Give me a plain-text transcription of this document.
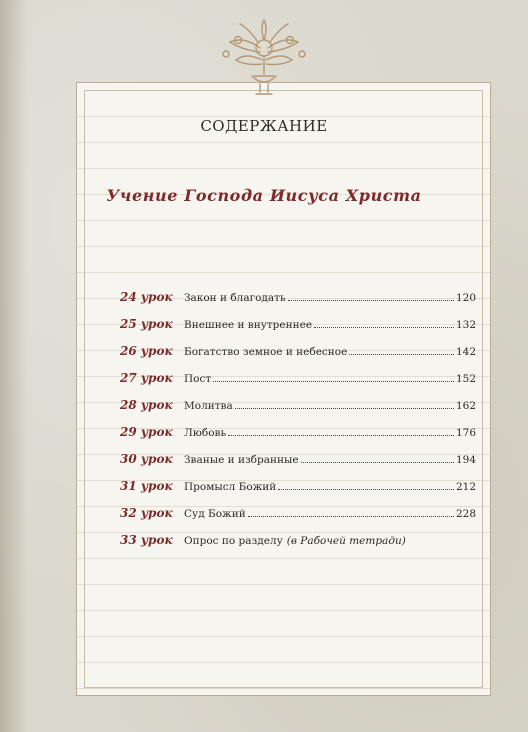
СОДЕРЖАНИЕ
Учение Господа Иисуса Христа
24 урок	Закон и благодать	120
25 урок	Внешнее и внутреннее	132
26 урок	Богатство земное и небесное	142
27 урок	Пост	152
28 урок	Молитва	162
29 урок	Любовь	176
30 урок	Званые и избранные	194
31 урок	Промысл Божий	212
32 урок	Суд Божий	228
33 урок	Опрос по разделу (в Рабочей тетради)
